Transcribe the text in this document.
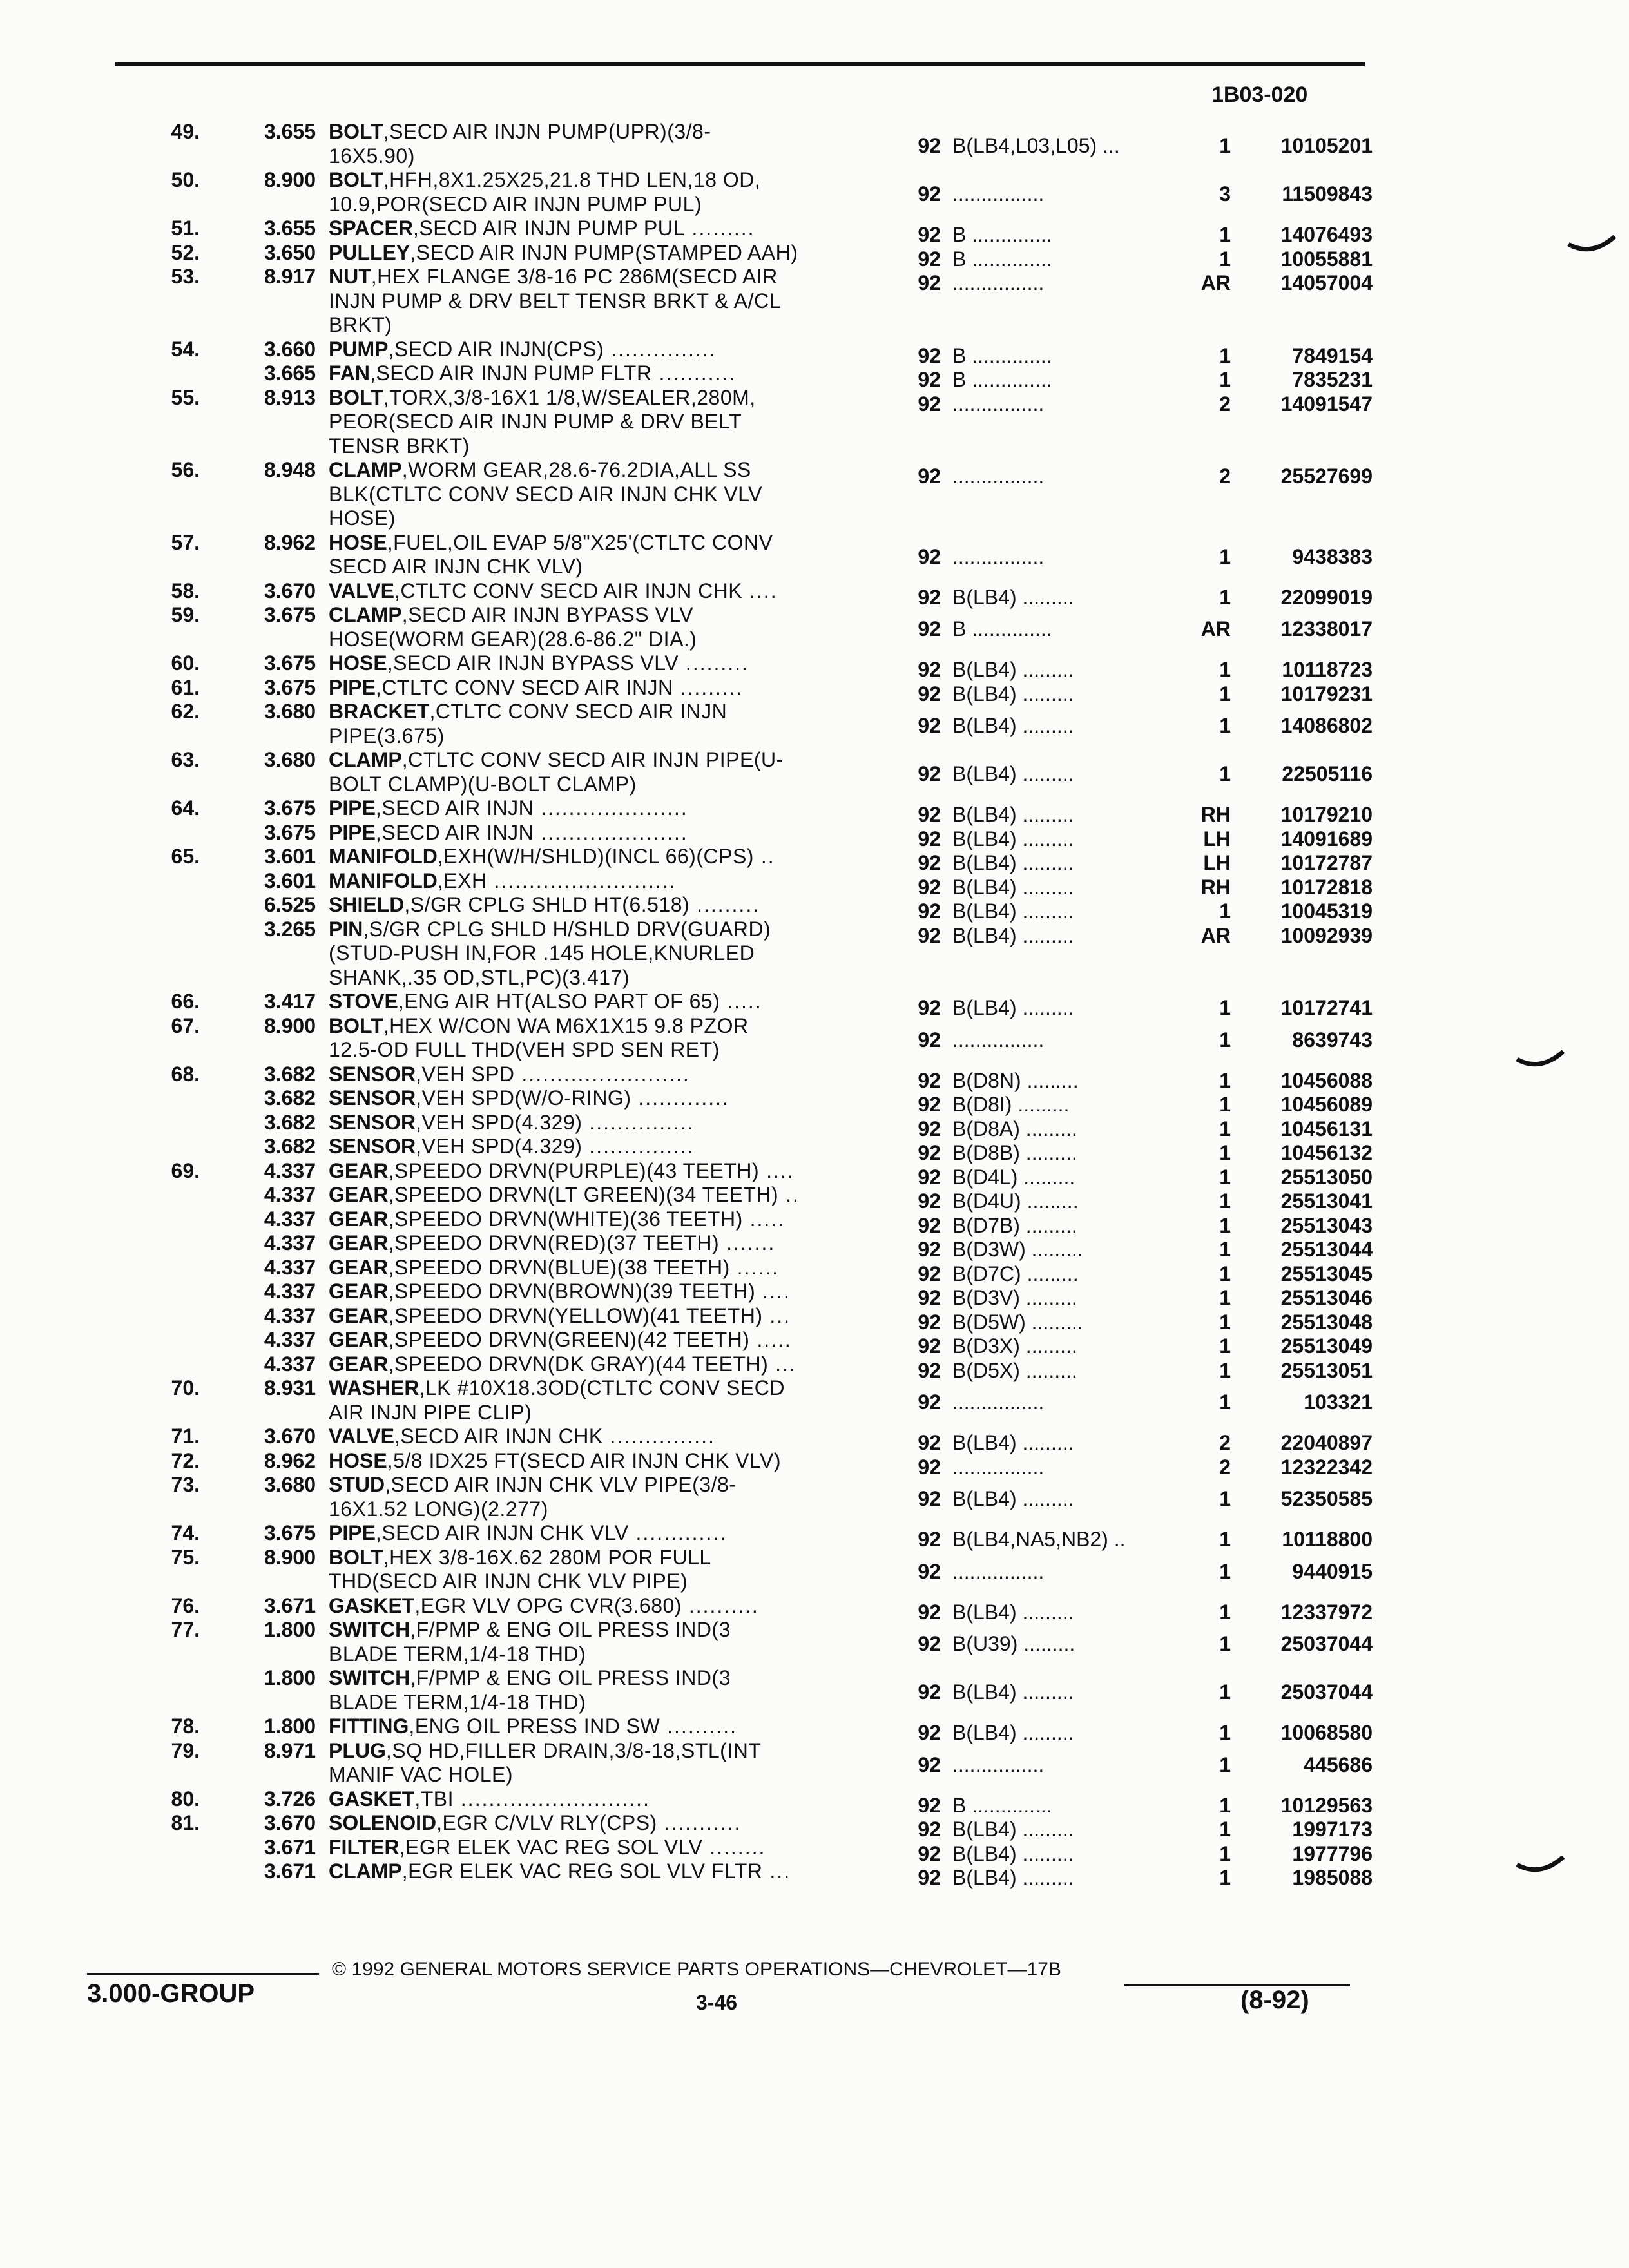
1B03-020
49.	3.655 BOLT,SECD AIR INJN PUMP(UPR)(3/8-
16X5.90)	92 B(LB4,L03,L05) ...	1	10105201
50.	8.900 BOLT,HFH,8X1.25X25,21.8 THD LEN,18 OD,
10.9,POR(SECD AIR INJN PUMP PUL)	92 ................	3	11509843
51.	3.655 SPACER,SECD AIR INJN PUMP PUL .........	92 B ..............	1	14076493
52.	3.650 PULLEY,SECD AIR INJN PUMP(STAMPED AAH)	92 B ..............	1	10055881
53.	8.917 NUT,HEX FLANGE 3/8-16 PC 286M(SECD AIR
INJN PUMP & DRV BELT TENSR BRKT & A/CL
BRKT)
92 ................	AR	14057004
54.	3.660 PUMP,SECD AIR INJN(CPS) ...............	92 B ..............	1	7849154
3.665 FAN,SECD AIR INJN PUMP FLTR ...........	92 B ..............	1	7835231
55.	8.913 BOLT,TORX,3/8-16X1 1/8,W/SEALER,280M,
PEOR(SECD AIR INJN PUMP & DRV BELT
TENSR BRKT)
92 ................	2	14091547
56.	8.948 CLAMP,WORM GEAR,28.6-76.2DIA,ALL SS
BLK(CTLTC CONV SECD AIR INJN CHK VLV
HOSE)
92 ................	2	25527699
57.	8.962 HOSE,FUEL,OIL EVAP 5/8"X25'(CTLTC CONV
SECD AIR INJN CHK VLV)	92 ................	1	9438383
58.	3.670 VALVE,CTLTC CONV SECD AIR INJN CHK ....	92 B(LB4) .........	1	22099019
59.	3.675 CLAMP,SECD AIR INJN BYPASS VLV
HOSE(WORM GEAR)(28.6-86.2" DIA.)	92 B ..............	AR	12338017
60.	3.675 HOSE,SECD AIR INJN BYPASS VLV .........	92 B(LB4) .........	1	10118723
61.	3.675 PIPE,CTLTC CONV SECD AIR INJN .........	92 B(LB4) .........	1	10179231
62.	3.680 BRACKET,CTLTC CONV SECD AIR INJN
PIPE(3.675)	92 B(LB4) .........	1	14086802
63.	3.680 CLAMP,CTLTC CONV SECD AIR INJN PIPE(U-
BOLT CLAMP)(U-BOLT CLAMP)	92 B(LB4) .........	1	22505116
64.	3.675 PIPE,SECD AIR INJN .....................	92 B(LB4) .........	RH	10179210
3.675 PIPE,SECD AIR INJN .....................	92 B(LB4) .........	LH	14091689
65.	3.601 MANIFOLD,EXH(W/H/SHLD)(INCL 66)(CPS) ..	92 B(LB4) .........	LH	10172787
3.601 MANIFOLD,EXH ..........................	92 B(LB4) .........	RH	10172818
6.525 SHIELD,S/GR CPLG SHLD HT(6.518) .........	92 B(LB4) .........	1	10045319
3.265 PIN,S/GR CPLG SHLD H/SHLD DRV(GUARD)
(STUD-PUSH IN,FOR .145 HOLE,KNURLED
SHANK,.35 OD,STL,PC)(3.417)
92 B(LB4) .........	AR	10092939
66.	3.417 STOVE,ENG AIR HT(ALSO PART OF 65) .....	92 B(LB4) .........	1	10172741
67.	8.900 BOLT,HEX W/CON WA M6X1X15 9.8 PZOR
12.5-OD FULL THD(VEH SPD SEN RET)	92 ................	1	8639743
68.	3.682 SENSOR,VEH SPD ........................	92 B(D8N) .........	1	10456088
3.682 SENSOR,VEH SPD(W/O-RING) .............	92 B(D8I) .........	1	10456089
3.682 SENSOR,VEH SPD(4.329) ...............	92 B(D8A) .........	1	10456131
3.682 SENSOR,VEH SPD(4.329) ...............	92 B(D8B) .........	1	10456132
69.	4.337 GEAR,SPEEDO DRVN(PURPLE)(43 TEETH) ....	92 B(D4L) .........	1	25513050
4.337 GEAR,SPEEDO DRVN(LT GREEN)(34 TEETH) ..	92 B(D4U) .........	1	25513041
4.337 GEAR,SPEEDO DRVN(WHITE)(36 TEETH) .....	92 B(D7B) .........	1	25513043
4.337 GEAR,SPEEDO DRVN(RED)(37 TEETH) .......	92 B(D3W) .........	1	25513044
4.337 GEAR,SPEEDO DRVN(BLUE)(38 TEETH) ......	92 B(D7C) .........	1	25513045
4.337 GEAR,SPEEDO DRVN(BROWN)(39 TEETH) ....	92 B(D3V) .........	1	25513046
4.337 GEAR,SPEEDO DRVN(YELLOW)(41 TEETH) ...	92 B(D5W) .........	1	25513048
4.337 GEAR,SPEEDO DRVN(GREEN)(42 TEETH) .....	92 B(D3X) .........	1	25513049
4.337 GEAR,SPEEDO DRVN(DK GRAY)(44 TEETH) ...	92 B(D5X) .........	1	25513051
70.	8.931 WASHER,LK #10X18.3OD(CTLTC CONV SECD
AIR INJN PIPE CLIP)	92 ................	1	103321
71.	3.670 VALVE,SECD AIR INJN CHK ...............	92 B(LB4) .........	2	22040897
72.	8.962 HOSE,5/8 IDX25 FT(SECD AIR INJN CHK VLV)	92 ................	2	12322342
73.	3.680 STUD,SECD AIR INJN CHK VLV PIPE(3/8-
16X1.52 LONG)(2.277)	92 B(LB4) .........	1	52350585
74.	3.675 PIPE,SECD AIR INJN CHK VLV .............	92 B(LB4,NA5,NB2) ..	1	10118800
75.	8.900 BOLT,HEX 3/8-16X.62 280M POR FULL
THD(SECD AIR INJN CHK VLV PIPE)	92 ................	1	9440915
76.	3.671 GASKET,EGR VLV OPG CVR(3.680) ..........	92 B(LB4) .........	1	12337972
77.	1.800 SWITCH,F/PMP & ENG OIL PRESS IND(3
BLADE TERM,1/4-18 THD)	92 B(U39) .........	1	25037044
1.800 SWITCH,F/PMP & ENG OIL PRESS IND(3
BLADE TERM,1/4-18 THD)	92 B(LB4) .........	1	25037044
78.	1.800 FITTING,ENG OIL PRESS IND SW ..........	92 B(LB4) .........	1	10068580
79.	8.971 PLUG,SQ HD,FILLER DRAIN,3/8-18,STL(INT
MANIF VAC HOLE)	92 ................	1	445686
80.	3.726 GASKET,TBI ...........................	92 B ..............	1	10129563
81.	3.670 SOLENOID,EGR C/VLV RLY(CPS) ...........	92 B(LB4) .........	1	1997173
3.671 FILTER,EGR ELEK VAC REG SOL VLV ........	92 B(LB4) .........	1	1977796
3.671 CLAMP,EGR ELEK VAC REG SOL VLV FLTR ...	92 B(LB4) .........	1	1985088
© 1992 GENERAL MOTORS SERVICE PARTS OPERATIONS—CHEVROLET—17B
3.000-GROUP	3-46	(8-92)
